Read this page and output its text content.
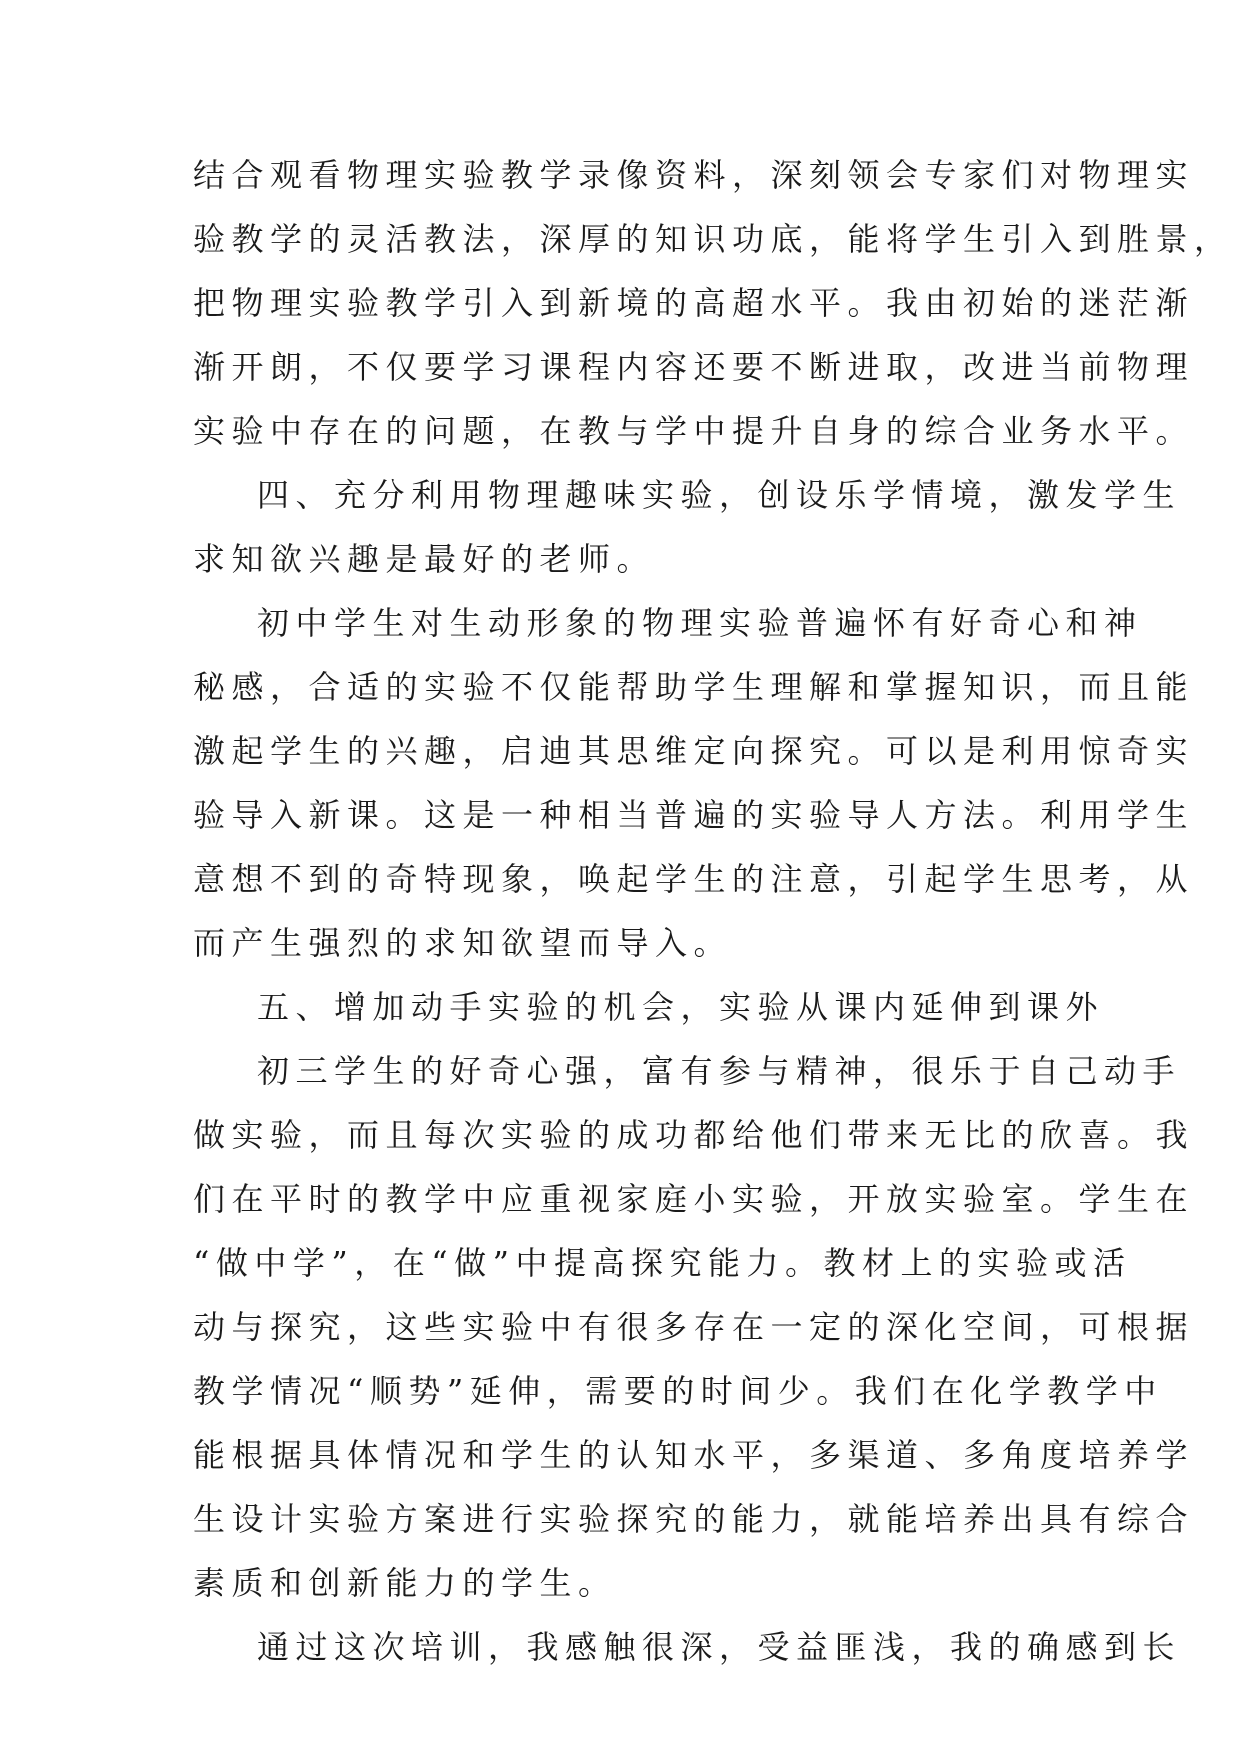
结合观看物理实验教学录像资料，深刻领会专家们对物理实
验教学的灵活教法，深厚的知识功底，能将学生引入到胜景，
把物理实验教学引入到新境的高超水平。我由初始的迷茫渐
渐开朗，不仅要学习课程内容还要不断进取，改进当前物理
实验中存在的问题，在教与学中提升自身的综合业务水平。
四、充分利用物理趣味实验，创设乐学情境，激发学生
求知欲兴趣是最好的老师。
初中学生对生动形象的物理实验普遍怀有好奇心和神
秘感，合适的实验不仅能帮助学生理解和掌握知识，而且能
激起学生的兴趣，启迪其思维定向探究。可以是利用惊奇实
验导入新课。这是一种相当普遍的实验导人方法。利用学生
意想不到的奇特现象，唤起学生的注意，引起学生思考，从
而产生强烈的求知欲望而导入。
五、增加动手实验的机会，实验从课内延伸到课外
初三学生的好奇心强，富有参与精神，很乐于自己动手
做实验，而且每次实验的成功都给他们带来无比的欣喜。我
们在平时的教学中应重视家庭小实验，开放实验室。学生在
“做中学”，在“做”中提高探究能力。教材上的实验或活
动与探究，这些实验中有很多存在一定的深化空间，可根据
教学情况“顺势”延伸，需要的时间少。我们在化学教学中
能根据具体情况和学生的认知水平，多渠道、多角度培养学
生设计实验方案进行实验探究的能力，就能培养出具有综合
素质和创新能力的学生。
通过这次培训，我感触很深，受益匪浅，我的确感到长
